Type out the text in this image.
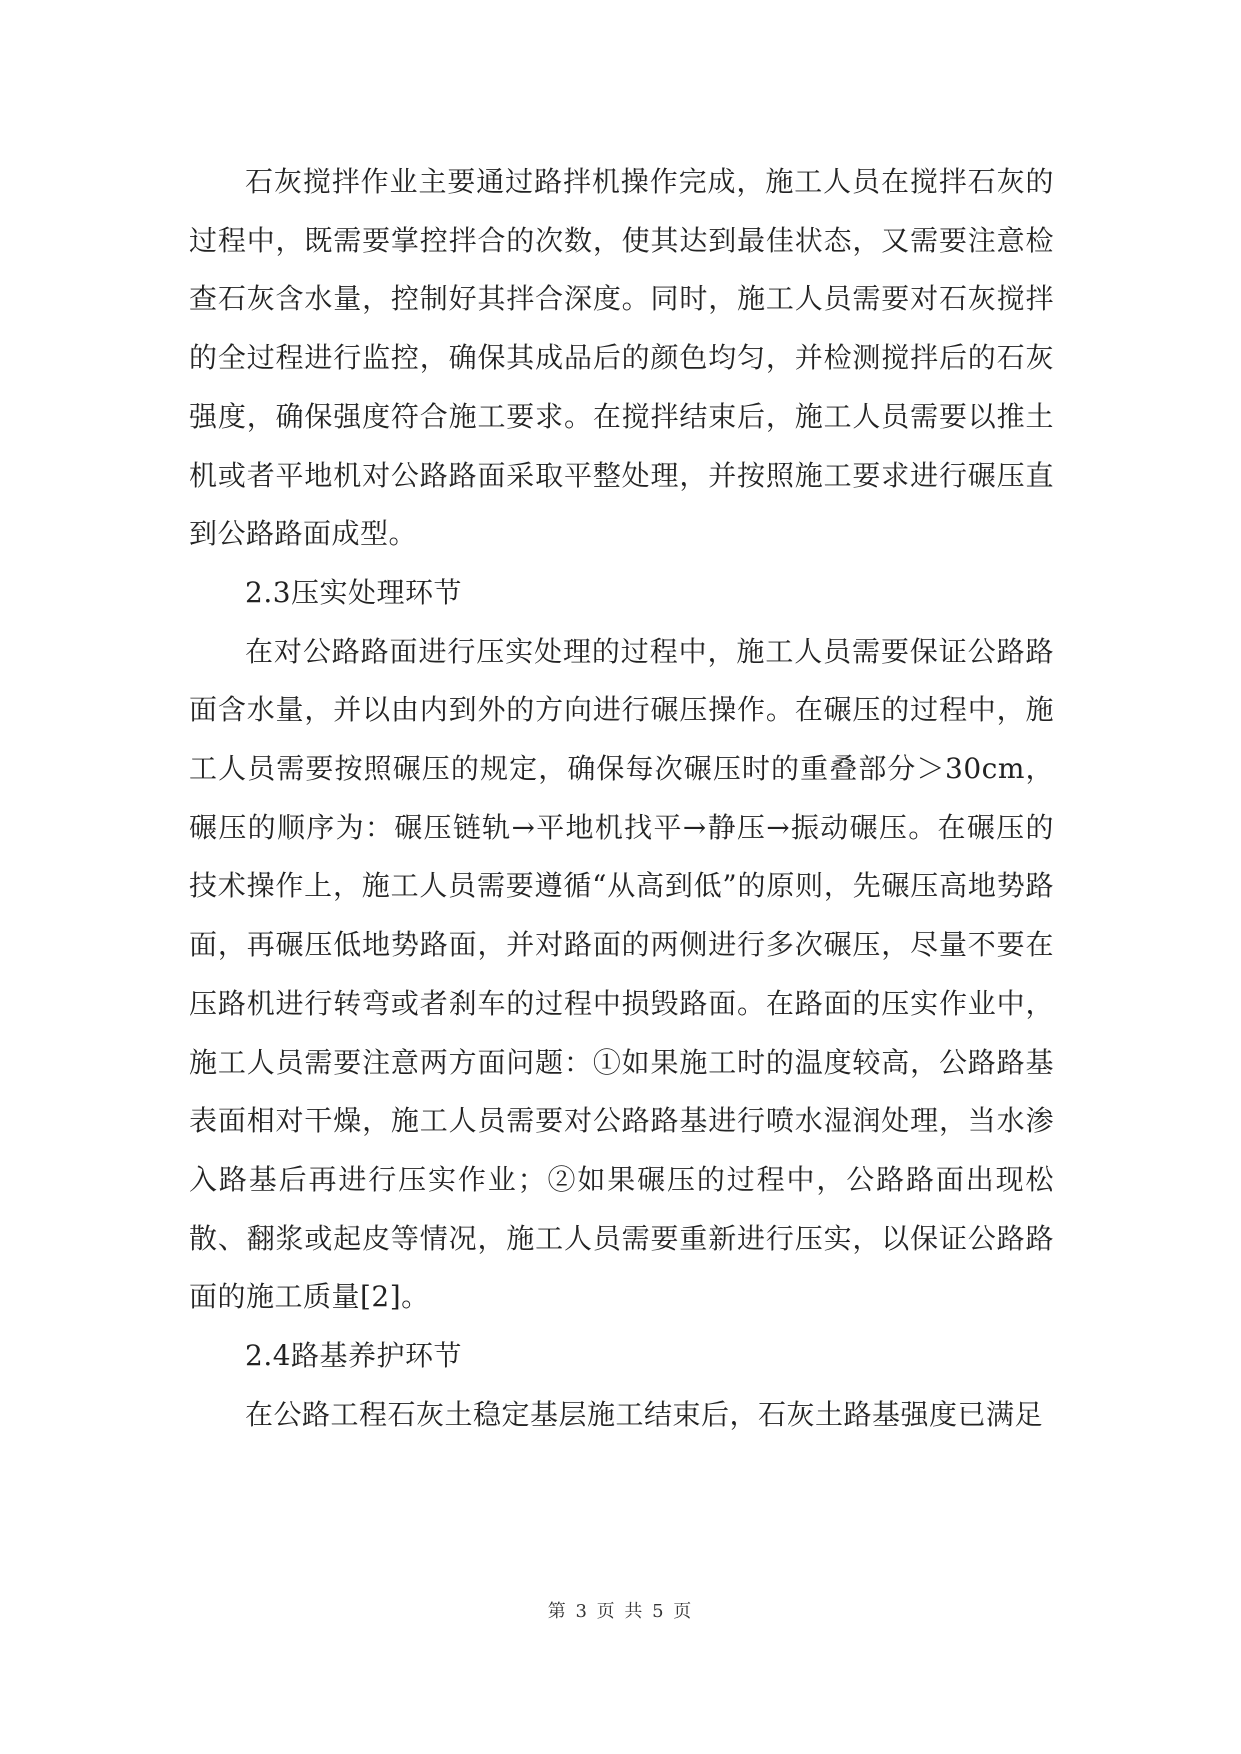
石灰搅拌作业主要通过路拌机操作完成，施工人员在搅拌石灰的过程中，既需要掌控拌合的次数，使其达到最佳状态，又需要注意检查石灰含水量，控制好其拌合深度。同时，施工人员需要对石灰搅拌的全过程进行监控，确保其成品后的颜色均匀，并检测搅拌后的石灰强度，确保强度符合施工要求。在搅拌结束后，施工人员需要以推土机或者平地机对公路路面采取平整处理，并按照施工要求进行碾压直到公路路面成型。

2.3压实处理环节

在对公路路面进行压实处理的过程中，施工人员需要保证公路路面含水量，并以由内到外的方向进行碾压操作。在碾压的过程中，施工人员需要按照碾压的规定，确保每次碾压时的重叠部分＞30cm，碾压的顺序为：碾压链轨→平地机找平→静压→振动碾压。在碾压的技术操作上，施工人员需要遵循“从高到低”的原则，先碾压高地势路面，再碾压低地势路面，并对路面的两侧进行多次碾压，尽量不要在压路机进行转弯或者刹车的过程中损毁路面。在路面的压实作业中，施工人员需要注意两方面问题：①如果施工时的温度较高，公路路基表面相对干燥，施工人员需要对公路路基进行喷水湿润处理，当水渗入路基后再进行压实作业；②如果碾压的过程中，公路路面出现松散、翻浆或起皮等情况，施工人员需要重新进行压实，以保证公路路面的施工质量[2]。

2.4路基养护环节

在公路工程石灰土稳定基层施工结束后，石灰土路基强度已满足

第 3 页 共 5 页
